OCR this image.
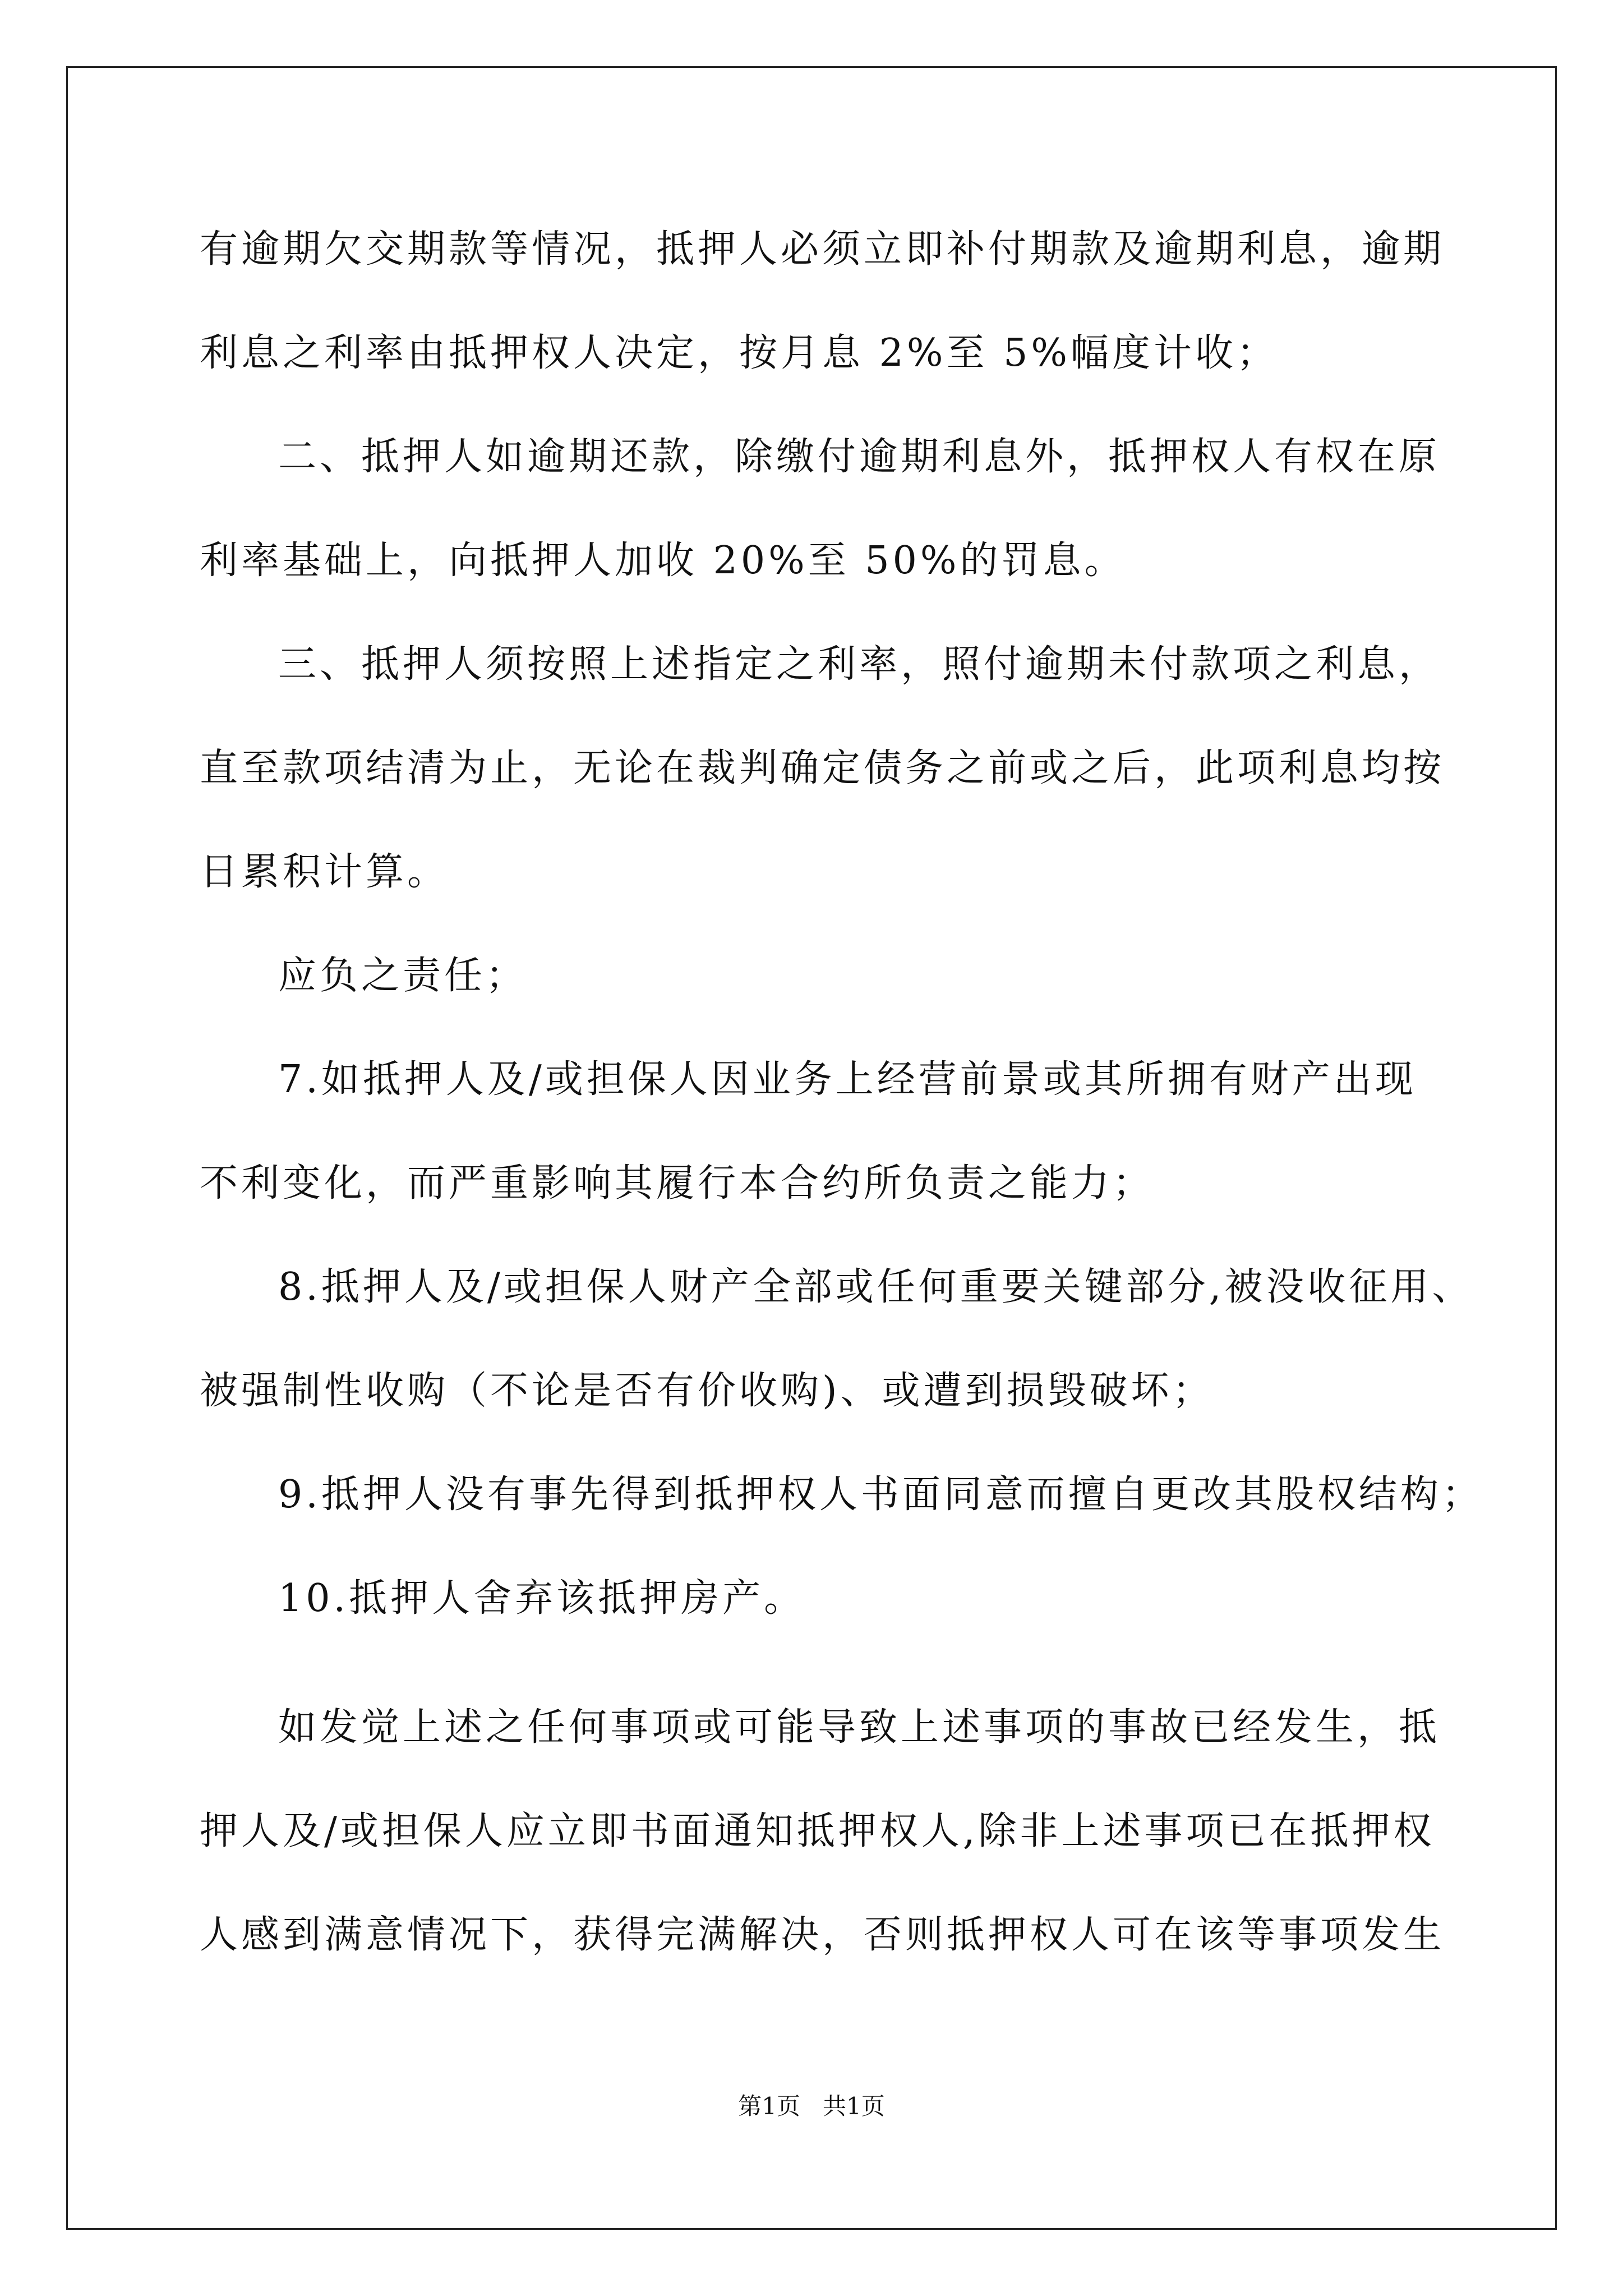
有逾期欠交期款等情况，抵押人必须立即补付期款及逾期利息，逾期
利息之利率由抵押权人决定，按月息 2%至 5%幅度计收；
二、抵押人如逾期还款，除缴付逾期利息外，抵押权人有权在原
利率基础上，向抵押人加收 20%至 50%的罚息。
三、抵押人须按照上述指定之利率，照付逾期未付款项之利息，
直至款项结清为止，无论在裁判确定债务之前或之后，此项利息均按
日累积计算。
应负之责任；
7.如抵押人及/或担保人因业务上经营前景或其所拥有财产出现
不利变化，而严重影响其履行本合约所负责之能力；
8.抵押人及/或担保人财产全部或任何重要关键部分,被没收征用、
被强制性收购（不论是否有价收购)、或遭到损毁破坏；
9.抵押人没有事先得到抵押权人书面同意而擅自更改其股权结构；
10.抵押人舍弃该抵押房产。
如发觉上述之任何事项或可能导致上述事项的事故已经发生，抵
押人及/或担保人应立即书面通知抵押权人,除非上述事项已在抵押权
人感到满意情况下，获得完满解决，否则抵押权人可在该等事项发生
第1页   共1页
